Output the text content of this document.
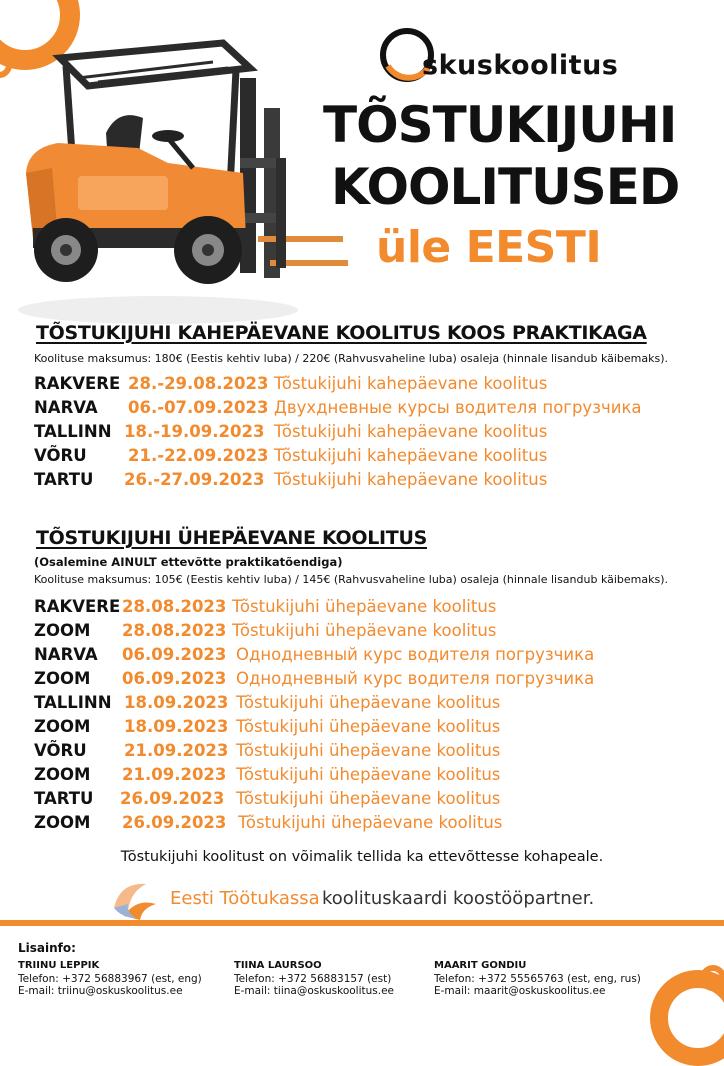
skuskoolitus
TÕSTUKIJUHI
KOOLITUSED
üle EESTI
TÕSTUKIJUHI KAHEPÄEVANE KOOLITUS KOOS PRAKTIKAGA
Koolituse maksumus: 180€ (Eestis kehtiv luba) / 220€ (Rahvusvaheline luba) osaleja (hinnale lisandub käibemaks).
RAKVERE 28.-29.08.2023 Tõstukijuhi kahepäevane koolitus
NARVA 06.-07.09.2023 Двухдневные курсы водителя погрузчика
TALLINN 18.-19.09.2023 Tõstukijuhi kahepäevane koolitus
VÕRU	21.-22.09.2023 Tõstukijuhi kahepäevane koolitus
TARTU 26.-27.09.2023 Tõstukijuhi kahepäevane koolitus
TÕSTUKIJUHI ÜHEPÄEVANE KOOLITUS
(Osalemine AINULT ettevõtte praktikatõendiga)
Koolituse maksumus: 105€ (Eestis kehtiv luba) / 145€ (Rahvusvaheline luba) osaleja (hinnale lisandub käibemaks).
RAKVERE 28.08.2023 Tõstukijuhi ühepäevane koolitus
ZOOM 28.08.2023 Tõstukijuhi ühepäevane koolitus
NARVA 06.09.2023 Однодневный курс водителя погрузчика
ZOOM 06.09.2023 Однодневный курс водителя погрузчика
TALLINN 18.09.2023 Tõstukijuhi ühepäevane koolitus
ZOOM 18.09.2023 Tõstukijuhi ühepäevane koolitus
VÕRU 21.09.2023 Tõstukijuhi ühepäevane koolitus
ZOOM 21.09.2023 Tõstukijuhi ühepäevane koolitus
TARTU 26.09.2023 Tõstukijuhi ühepäevane koolitus
ZOOM 26.09.2023 Tõstukijuhi ühepäevane koolitus
Tõstukijuhi koolitust on võimalik tellida ka ettevõttesse kohapeale.
Eesti Töötukassa koolituskaardi koostööpartner.
Lisainfo:
TRIINU LEPPIK
Telefon: +372 56883967 (est, eng)
E-mail: triinu@oskuskoolitus.ee
TIINA LAURSOO
Telefon: +372 56883157 (est)
E-mail: tiina@oskuskoolitus.ee
MAARIT GONDIU
Telefon: +372 55565763 (est, eng, rus)
E-mail: maarit@oskuskoolitus.ee
